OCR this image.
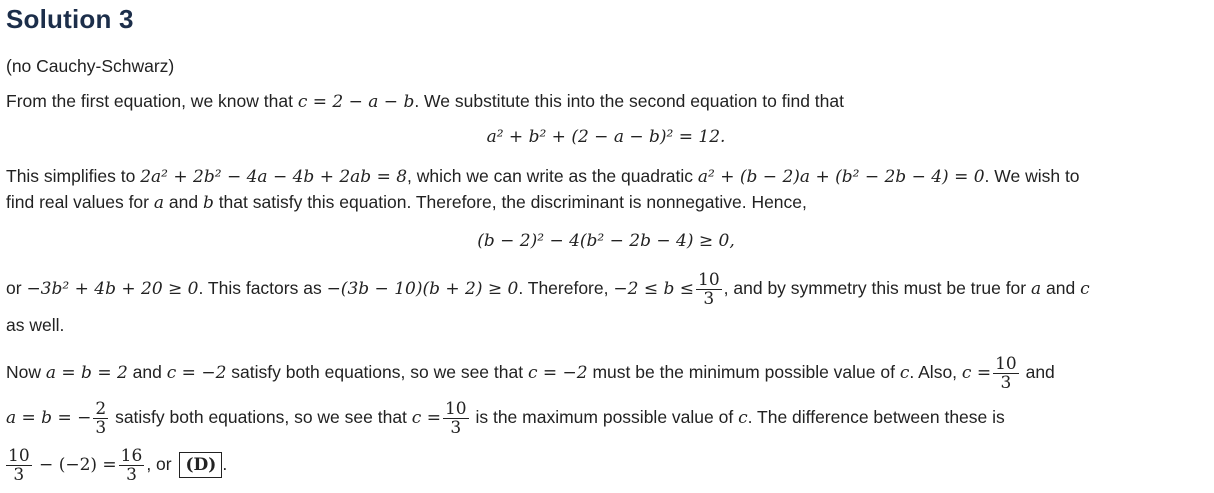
Solution 3
(no Cauchy-Schwarz)
From the first equation, we know that c = 2 − a − b. We substitute this into the second equation to find that
a² + b² + (2 − a − b)² = 12.
This simplifies to 2a² + 2b² − 4a − 4b + 2ab = 8, which we can write as the quadratic a² + (b − 2)a + (b² − 2b − 4) = 0. We wish to
find real values for a and b that satisfy this equation. Therefore, the discriminant is nonnegative. Hence,
(b − 2)² − 4(b² − 2b − 4) ≥ 0,
or −3b² + 4b + 20 ≥ 0. This factors as −(3b − 10)(b + 2) ≥ 0. Therefore, $-2 \le b \le \frac{10}{3}$ , and by symmetry this must be true for a and c
as well.
Now a = b = 2 and c = −2 satisfy both equations, so we see that c = −2 must be the minimum possible value of c. Also, $c = \frac{10}{3}$ and
a = b = − $\frac{2}{3}$ satisfy both equations, so we see that $c = \frac{10}{3}$ is the maximum possible value of c. The difference between these is
$\frac{10}{3} - (-2) = \frac{16}{3}$ , or (D) .
